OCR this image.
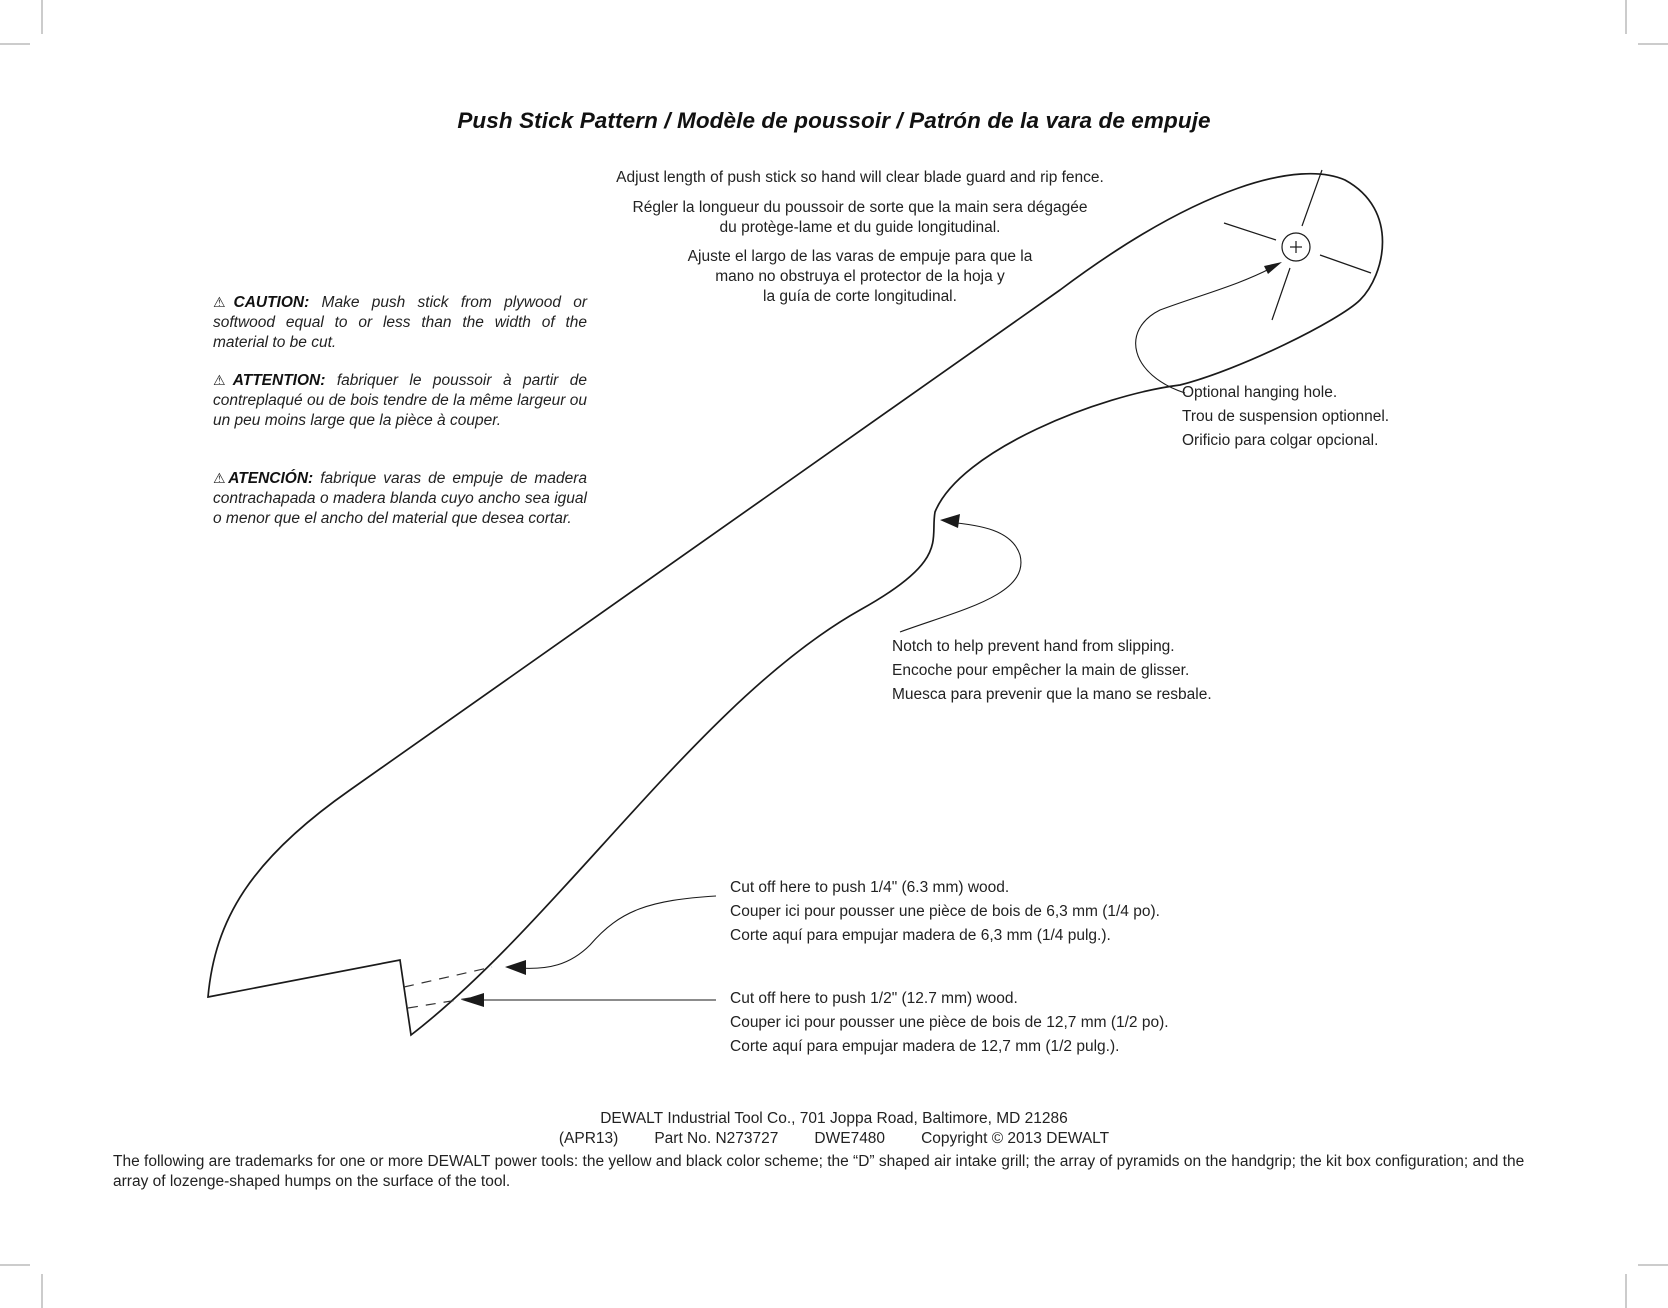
Push Stick Pattern / Modèle de poussoir / Patrón de la vara de empuje
Adjust length of push stick so hand will clear blade guard and rip fence.
Régler la longueur du poussoir de sorte que la main sera dégagée
du protège-lame et du guide longitudinal.
Ajuste el largo de las varas de empuje para que la
mano no obstruya el protector de la hoja y
la guía de corte longitudinal.
⚠CAUTION: Make push stick from plywood or softwood equal to or less than the width of the material to be cut.
⚠ATTENTION: fabriquer le poussoir à partir de contreplaqué ou de bois tendre de la même largeur ou un peu moins large que la pièce à couper.
⚠ATENCIÓN: fabrique varas de empuje de madera contrachapada o madera blanda cuyo ancho sea igual o menor que el ancho del material que desea cortar.
Optional hanging hole.
Trou de suspension optionnel.
Orificio para colgar opcional.
Notch to help prevent hand from slipping.
Encoche pour empêcher la main de glisser.
Muesca para prevenir que la mano se resbale.
Cut off here to push 1/4" (6.3 mm) wood.
Couper ici pour pousser une pièce de bois de 6,3 mm (1/4 po).
Corte aquí para empujar madera de 6,3 mm (1/4 pulg.).
Cut off here to push 1/2" (12.7 mm) wood.
Couper ici pour pousser une pièce de bois de 12,7 mm (1/2 po).
Corte aquí para empujar madera de 12,7 mm (1/2 pulg.).
DEWALT Industrial Tool Co., 701 Joppa Road, Baltimore, MD 21286
(APR13) Part No. N273727 DWE7480 Copyright © 2013 DEWALT
The following are trademarks for one or more DEWALT power tools: the yellow and black color scheme; the “D” shaped air intake grill; the array of pyramids on the handgrip; the kit box configuration; and the array of lozenge-shaped humps on the surface of the tool.
